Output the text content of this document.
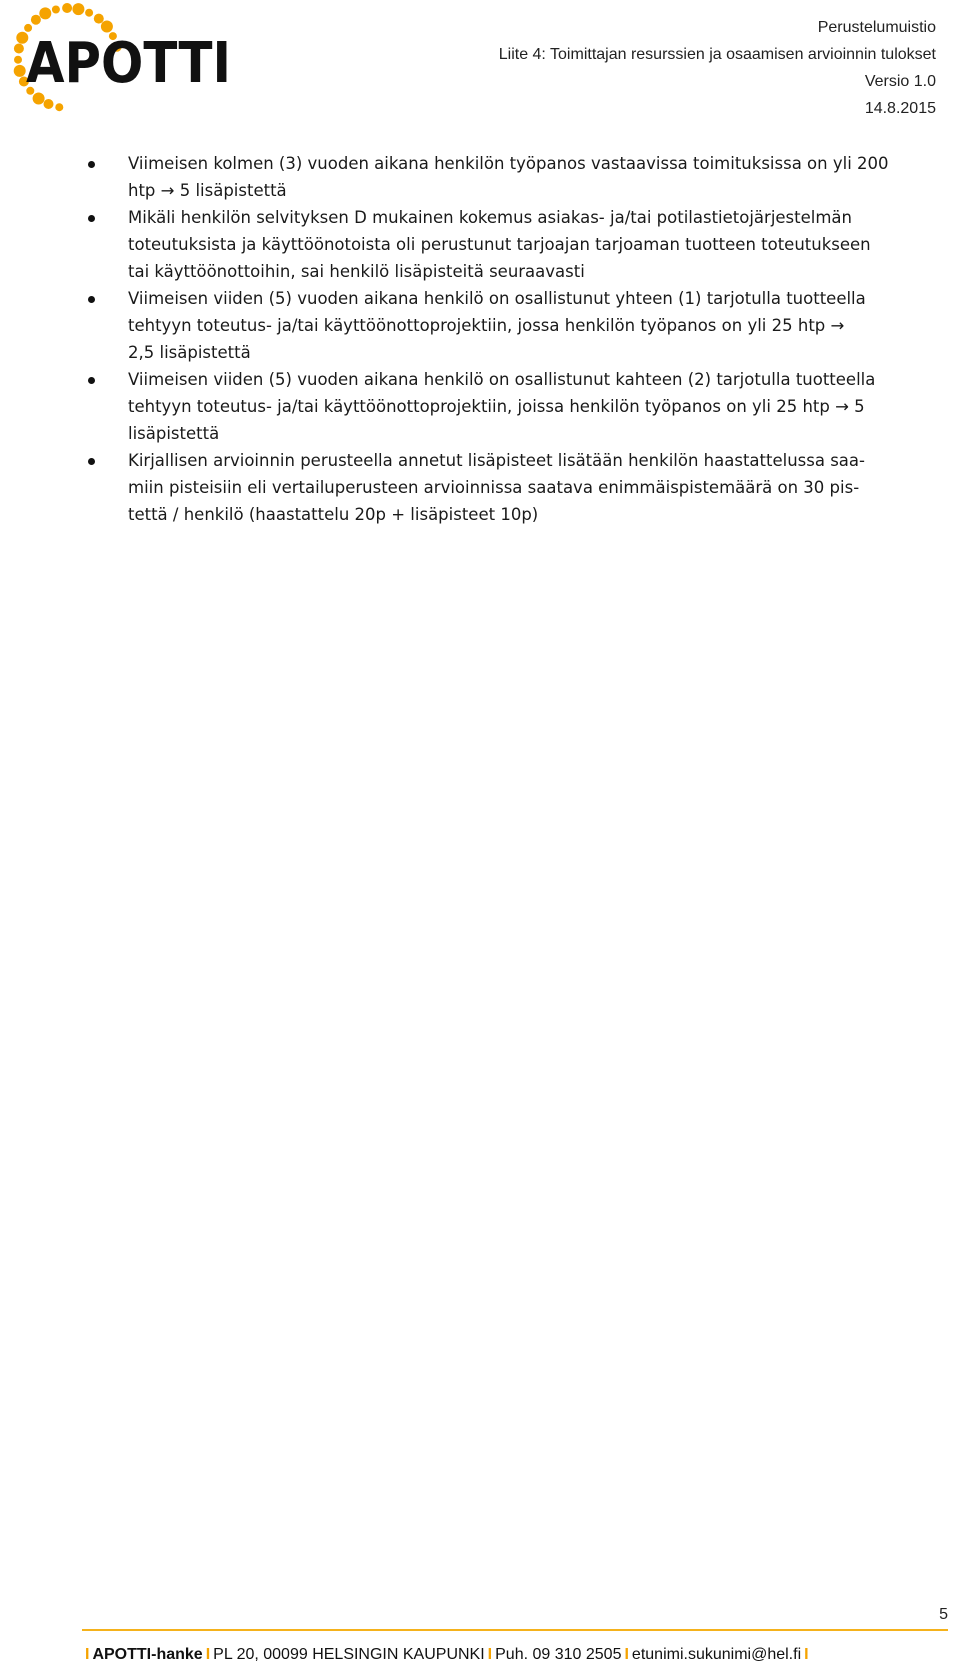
APOTTI
Perustelumuistio
Liite 4: Toimittajan resurssien ja osaamisen arvioinnin tulokset
Versio 1.0
14.8.2015
Viimeisen kolmen (3) vuoden aikana henkilön työpanos vastaavissa toimituksissa on yli 200
htp → 5 lisäpistettä
Mikäli henkilön selvityksen D mukainen kokemus asiakas- ja/tai potilastietojärjestelmän
toteutuksista ja käyttöönotoista oli perustunut tarjoajan tarjoaman tuotteen toteutukseen
tai käyttöönottoihin, sai henkilö lisäpisteitä seuraavasti
Viimeisen viiden (5) vuoden aikana henkilö on osallistunut yhteen (1) tarjotulla tuotteella
tehtyyn toteutus- ja/tai käyttöönottoprojektiin, jossa henkilön työpanos on yli 25 htp →
2,5 lisäpistettä
Viimeisen viiden (5) vuoden aikana henkilö on osallistunut kahteen (2) tarjotulla tuotteella
tehtyyn toteutus- ja/tai käyttöönottoprojektiin, joissa henkilön työpanos on yli 25 htp → 5
lisäpistettä
Kirjallisen arvioinnin perusteella annetut lisäpisteet lisätään henkilön haastattelussa saa-
miin pisteisiin eli vertailuperusteen arvioinnissa saatava enimmäispistemäärä on 30 pis-
tettä / henkilö (haastattelu 20p + lisäpisteet 10p)
5
I APOTTI-hanke I PL 20, 00099 HELSINGIN KAUPUNKI I Puh. 09 310 2505 I etunimi.sukunimi@hel.fi I
